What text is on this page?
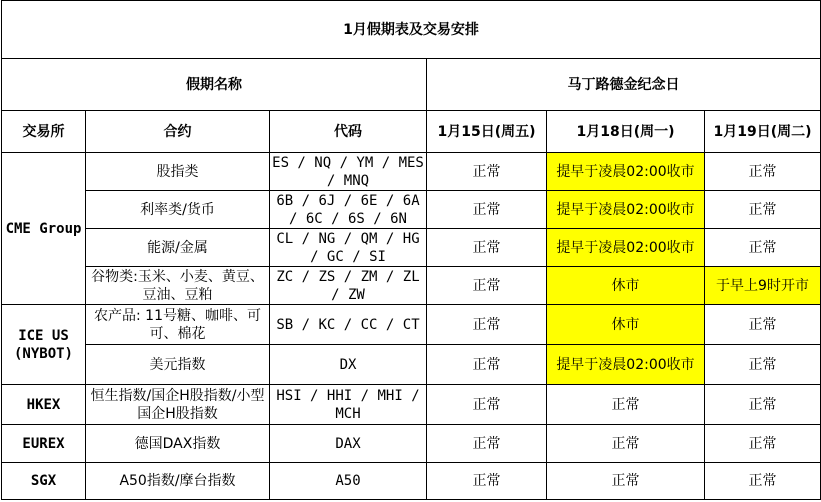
1月假期表及交易安排					
假期名称			马丁路德金纪念日		
交易所	合约	代码	1月15日(周五)	1月18日(周一)	1月19日(周二)
CME Group	股指类	ES / NQ / YM / MES / MNQ	正常	提早于凌晨02:00收市	正常
	利率类/货币	6B / 6J / 6E / 6A / 6C / 6S / 6N	正常	提早于凌晨02:00收市	正常
	能源/金属	CL / NG / QM / HG / GC / SI	正常	提早于凌晨02:00收市	正常
	谷物类:玉米、小麦、黄豆、豆油、豆粕	ZC / ZS / ZM / ZL / ZW	正常	休市	于早上9时开市
ICE US (NYBOT)	农产品: 11号糖、咖啡、可可、棉花	SB / KC / CC / CT	正常	休市	正常
	美元指数	DX	正常	提早于凌晨02:00收市	正常
HKEX	恒生指数/国企H股指数/小型国企H股指数	HSI / HHI / MHI / MCH	正常	正常	正常
EUREX	德国DAX指数	DAX	正常	正常	正常
SGX	A50指数/摩台指数	A50	正常	正常	正常
